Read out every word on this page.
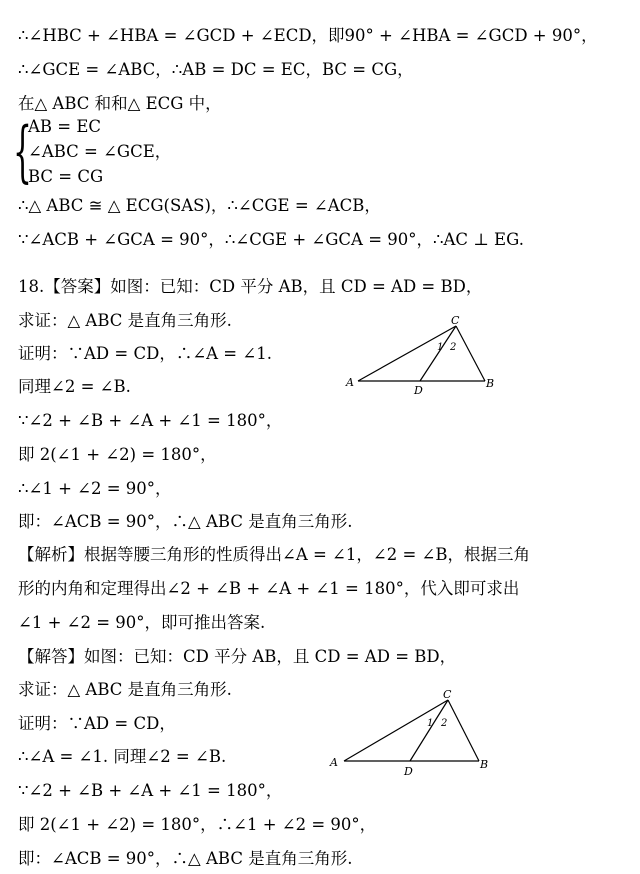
∴∠HBC + ∠HBA = ∠GCD + ∠ECD，即90° + ∠HBA = ∠GCD + 90°，
∴∠GCE = ∠ABC，∴AB = DC = EC，BC = CG，
在△ ABC 和和△ ECG 中，
{
AB = EC
∠ABC = ∠GCE，
BC = CG
∴△ ABC ≅ △ ECG(SAS)，∴∠CGE = ∠ACB，
∵∠ACB + ∠GCA = 90°，∴∠CGE + ∠GCA = 90°，∴AC ⊥ EG.
18.【答案】如图：已知：CD 平分 AB，且 CD = AD = BD，
求证：△ ABC 是直角三角形.
证明：∵AD = CD，∴∠A = ∠1.
同理∠2 = ∠B.
∵∠2 + ∠B + ∠A + ∠1 = 180°，
即 2(∠1 + ∠2) = 180°，
∴∠1 + ∠2 = 90°，
即：∠ACB = 90°，∴△ ABC 是直角三角形.
【解析】根据等腰三角形的性质得出∠A = ∠1，∠2 = ∠B，根据三角
形的内角和定理得出∠2 + ∠B + ∠A + ∠1 = 180°，代入即可求出
∠1 + ∠2 = 90°，即可推出答案.
【解答】如图：已知：CD 平分 AB，且 CD = AD = BD，
求证：△ ABC 是直角三角形.
证明：∵AD = CD，
∴∠A = ∠1. 同理∠2 = ∠B.
∵∠2 + ∠B + ∠A + ∠1 = 180°，
即 2(∠1 + ∠2) = 180°，∴∠1 + ∠2 = 90°，
即：∠ACB = 90°，∴△ ABC 是直角三角形.
C
A
D
B
1 2
C
A
D
B
1 2
